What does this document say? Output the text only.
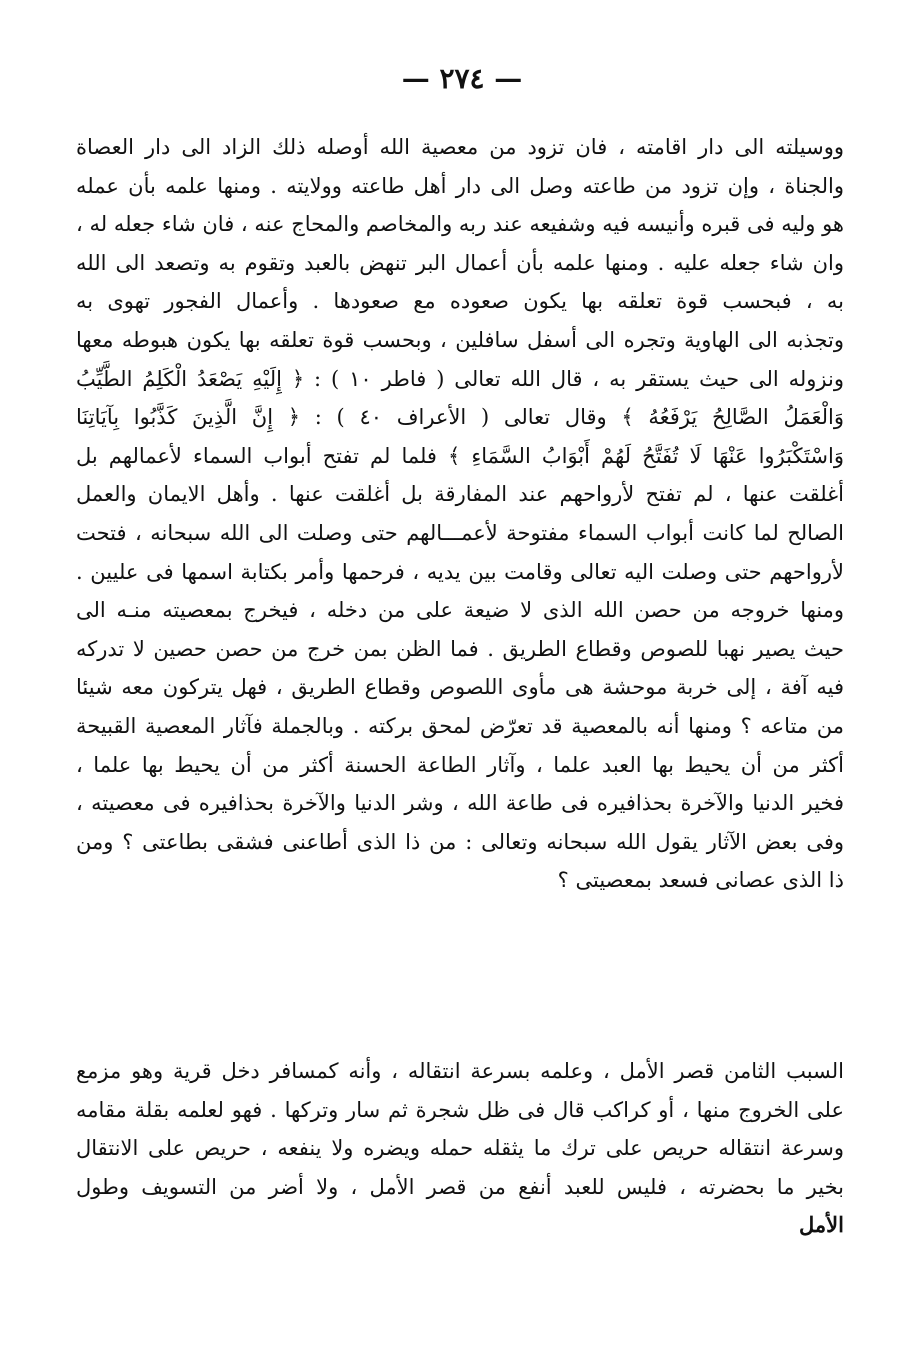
— ٢٧٤ —
ووسيلته الى دار اقامته ، فان تزود من معصية الله أوصله ذلك الزاد الى دار العصاة
والجناة ، وإن تزود من طاعته وصل الى دار أهل طاعته وولايته . ومنها علمه بأن عمله
هو وليه فى قبره وأنيسه فيه وشفيعه عند ربه والمخاصم والمحاج عنه ، فان شاء جعله له ،
وان شاء جعله عليه . ومنها علمه بأن أعمال البر تنهض بالعبد وتقوم به وتصعد الى الله
به ، فبحسب قوة تعلقه بها يكون صعوده مع صعودها . وأعمال الفجور تهوى به
وتجذبه الى الهاوية وتجره الى أسفل سافلين ، وبحسب قوة تعلقه بها يكون هبوطه معها
ونزوله الى حيث يستقر به ، قال الله تعالى ( فاطر ١٠ ) : ﴿ إِلَيْهِ يَصْعَدُ الْكَلِمُ الطَّيِّبُ
وَالْعَمَلُ الصَّالِحُ يَرْفَعُهُ ﴾ وقال تعالى ( الأعراف ٤٠ ) : ﴿ إِنَّ الَّذِينَ كَذَّبُوا بِآيَاتِنَا
وَاسْتَكْبَرُوا عَنْهَا لَا تُفَتَّحُ لَهُمْ أَبْوَابُ السَّمَاءِ ﴾ فلما لم تفتح أبواب السماء لأعمالهم بل
أغلقت عنها ، لم تفتح لأرواحهم عند المفارقة بل أغلقت عنها . وأهل الايمان والعمل
الصالح لما كانت أبواب السماء مفتوحة لأعمـــالهم حتى وصلت الى الله سبحانه ، فتحت
لأرواحهم حتى وصلت اليه تعالى وقامت بين يديه ، فرحمها وأمر بكتابة اسمها فى عليين .
ومنها خروجه من حصن الله الذى لا ضيعة على من دخله ، فيخرج بمعصيته منـه الى
حيث يصير نهبا للصوص وقطاع الطريق . فما الظن بمن خرج من حصن حصين لا تدركه
فيه آفة ، إلى خربة موحشة هى مأوى اللصوص وقطاع الطريق ، فهل يتركون معه شيئا
من متاعه ؟ ومنها أنه بالمعصية قد تعرّض لمحق بركته . وبالجملة فآثار المعصية القبيحة
أكثر من أن يحيط بها العبد علما ، وآثار الطاعة الحسنة أكثر من أن يحيط بها علما ،
فخير الدنيا والآخرة بحذافيره فى طاعة الله ، وشر الدنيا والآخرة بحذافيره فى معصيته ،
وفى بعض الآثار يقول الله سبحانه وتعالى : من ذا الذى أطاعنى فشقى بطاعتى ؟ ومن
ذا الذى عصانى فسعد بمعصيتى ؟
السبب الثامن قصر الأمل ، وعلمه بسرعة انتقاله ، وأنه كمسافر دخل قرية وهو مزمع
على الخروج منها ، أو كراكب قال فى ظل شجرة ثم سار وتركها . فهو لعلمه بقلة مقامه
وسرعة انتقاله حريص على ترك ما يثقله حمله ويضره ولا ينفعه ، حريص على الانتقال
بخير ما بحضرته ، فليس للعبد أنفع من قصر الأمل ، ولا أضر من التسويف وطول
الأمل
